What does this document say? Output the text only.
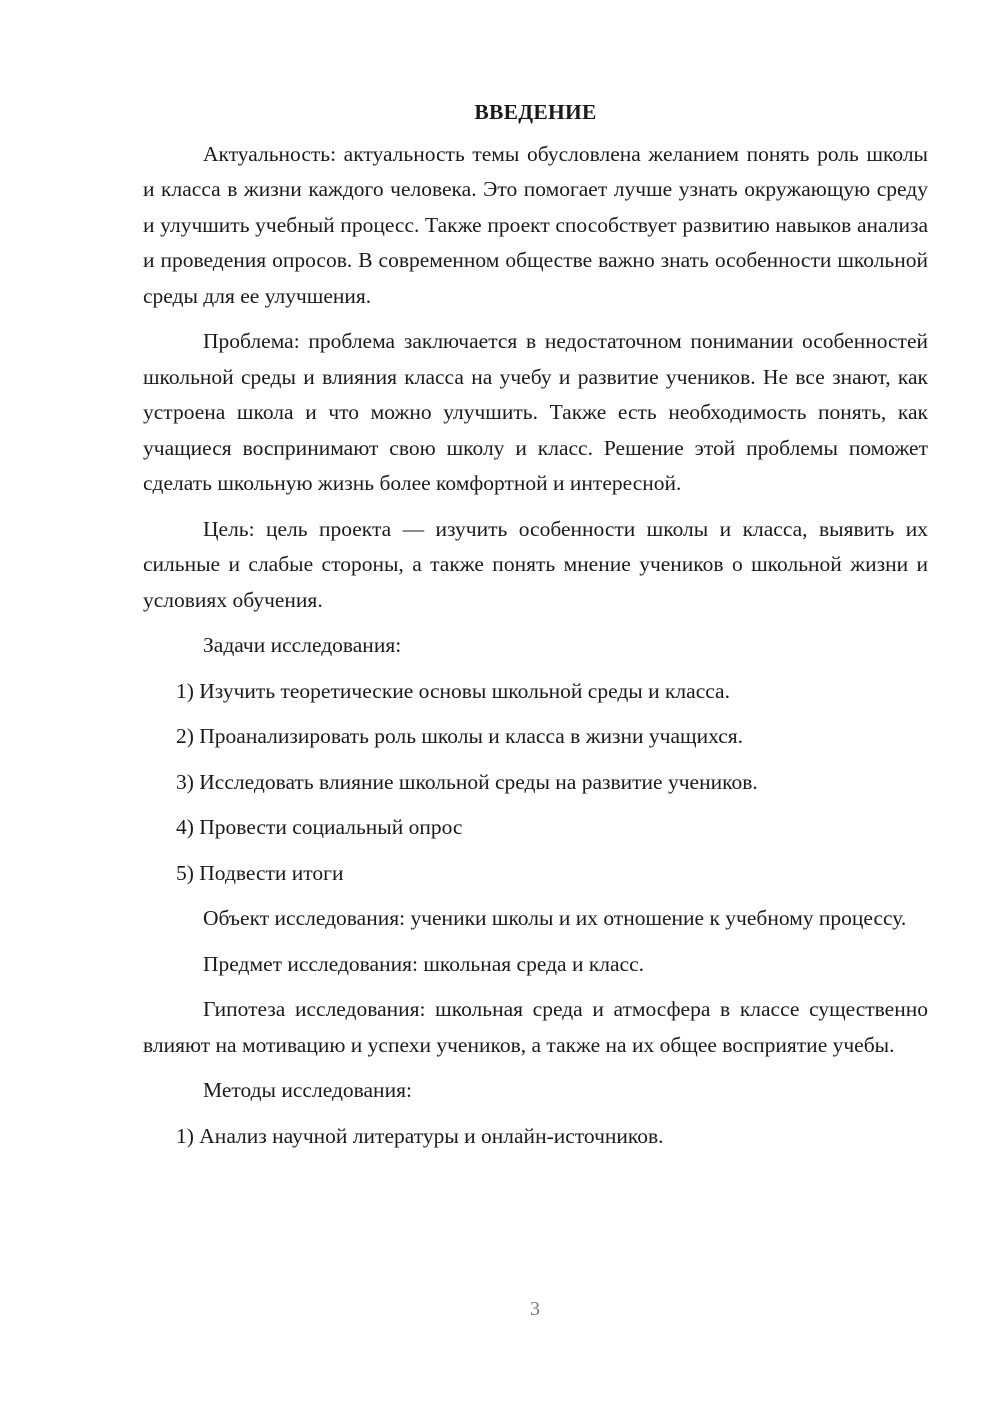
ВВЕДЕНИЕ

Актуальность: актуальность темы обусловлена желанием понять роль школы и класса в жизни каждого человека. Это помогает лучше узнать окружающую среду и улучшить учебный процесс. Также проект способствует развитию навыков анализа и проведения опросов. В современном обществе важно знать особенности школьной среды для ее улучшения.

Проблема: проблема заключается в недостаточном понимании особенностей школьной среды и влияния класса на учебу и развитие учеников. Не все знают, как устроена школа и что можно улучшить. Также есть необходимость понять, как учащиеся воспринимают свою школу и класс. Решение этой проблемы поможет сделать школьную жизнь более комфортной и интересной.

Цель: цель проекта — изучить особенности школы и класса, выявить их сильные и слабые стороны, а также понять мнение учеников о школьной жизни и условиях обучения.

Задачи исследования:

1) Изучить теоретические основы школьной среды и класса.

2) Проанализировать роль школы и класса в жизни учащихся.

3) Исследовать влияние школьной среды на развитие учеников.

4) Провести социальный опрос

5) Подвести итоги

Объект исследования: ученики школы и их отношение к учебному процессу.

Предмет исследования: школьная среда и класс.

Гипотеза исследования: школьная среда и атмосфера в классе существенно влияют на мотивацию и успехи учеников, а также на их общее восприятие учебы.

Методы исследования:

1) Анализ научной литературы и онлайн-источников.

3
